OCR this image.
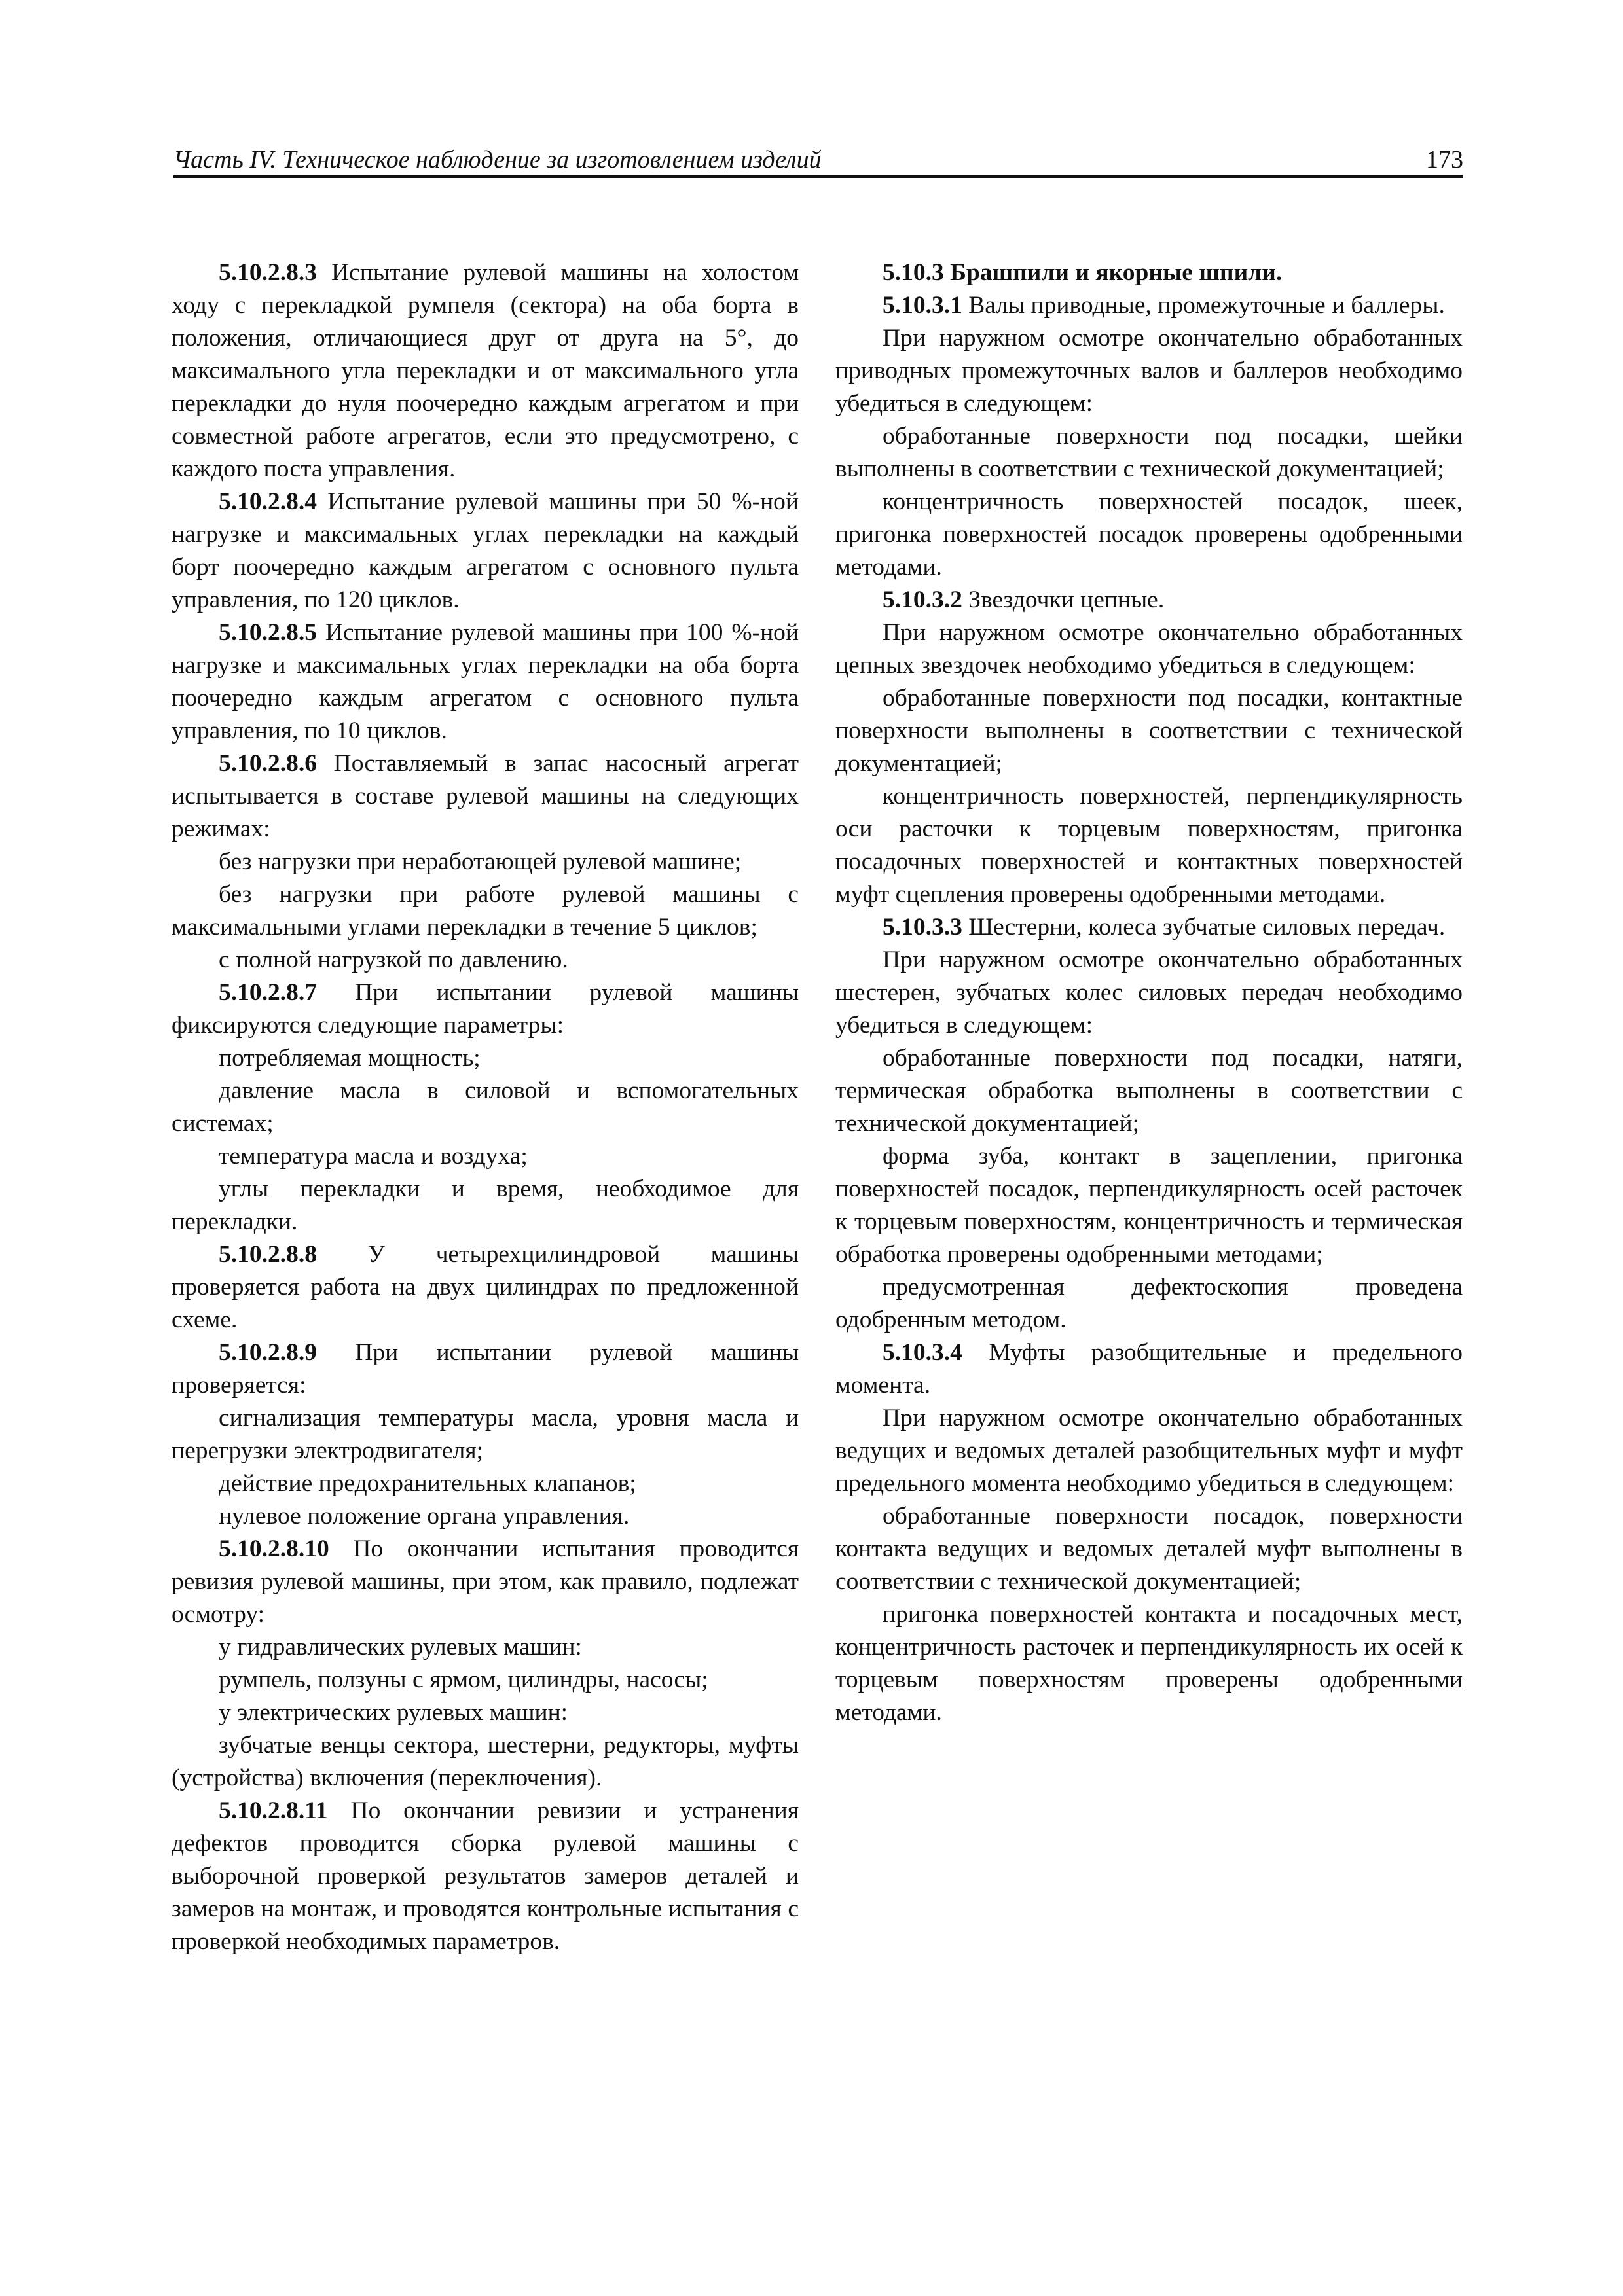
Часть IV. Техническое наблюдение за изготовлением изделий	173

5.10.2.8.3 Испытание рулевой машины на холостом ходу с перекладкой румпеля (сектора) на оба борта в положения, отличающиеся друг от друга на 5°, до максимального угла перекладки и от максимального угла перекладки до нуля поочередно каждым агрегатом и при совместной работе агрегатов, если это предусмотрено, с каждого поста управления.

5.10.2.8.4 Испытание рулевой машины при 50 %-ной нагрузке и максимальных углах перекладки на каждый борт поочередно каждым агрегатом с основного пульта управления, по 120 циклов.

5.10.2.8.5 Испытание рулевой машины при 100 %-ной нагрузке и максимальных углах перекладки на оба борта поочередно каждым агрегатом с основного пульта управления, по 10 циклов.

5.10.2.8.6 Поставляемый в запас насосный агрегат испытывается в составе рулевой машины на следующих режимах:

без нагрузки при неработающей рулевой машине;

без нагрузки при работе рулевой машины с максимальными углами перекладки в течение 5 циклов;

с полной нагрузкой по давлению.

5.10.2.8.7 При испытании рулевой машины фиксируются следующие параметры:

потребляемая мощность;

давление масла в силовой и вспомогательных системах;

температура масла и воздуха;

углы перекладки и время, необходимое для перекладки.

5.10.2.8.8 У четырехцилиндровой машины проверяется работа на двух цилиндрах по предложенной схеме.

5.10.2.8.9 При испытании рулевой машины проверяется:

сигнализация температуры масла, уровня масла и перегрузки электродвигателя;

действие предохранительных клапанов;

нулевое положение органа управления.

5.10.2.8.10 По окончании испытания проводится ревизия рулевой машины, при этом, как правило, подлежат осмотру:

у гидравлических рулевых машин:

румпель, ползуны с ярмом, цилиндры, насосы;

у электрических рулевых машин:

зубчатые венцы сектора, шестерни, редукторы, муфты (устройства) включения (переключения).

5.10.2.8.11 По окончании ревизии и устранения дефектов проводится сборка рулевой машины с выборочной проверкой результатов замеров деталей и замеров на монтаж, и проводятся контрольные испытания с проверкой необходимых параметров.

5.10.3 Брашпили и якорные шпили.

5.10.3.1 Валы приводные, промежуточные и баллеры.

При наружном осмотре окончательно обработанных приводных промежуточных валов и баллеров необходимо убедиться в следующем:

обработанные поверхности под посадки, шейки выполнены в соответствии с технической документацией;

концентричность поверхностей посадок, шеек, пригонка поверхностей посадок проверены одобренными методами.

5.10.3.2 Звездочки цепные.

При наружном осмотре окончательно обработанных цепных звездочек необходимо убедиться в следующем:

обработанные поверхности под посадки, контактные поверхности выполнены в соответствии с технической документацией;

концентричность поверхностей, перпендикулярность оси расточки к торцевым поверхностям, пригонка посадочных поверхностей и контактных поверхностей муфт сцепления проверены одобренными методами.

5.10.3.3 Шестерни, колеса зубчатые силовых передач.

При наружном осмотре окончательно обработанных шестерен, зубчатых колес силовых передач необходимо убедиться в следующем:

обработанные поверхности под посадки, натяги, термическая обработка выполнены в соответствии с технической документацией;

форма зуба, контакт в зацеплении, пригонка поверхностей посадок, перпендикулярность осей расточек к торцевым поверхностям, концентричность и термическая обработка проверены одобренными методами;

предусмотренная дефектоскопия проведена одобренным методом.

5.10.3.4 Муфты разобщительные и предельного момента.

При наружном осмотре окончательно обработанных ведущих и ведомых деталей разобщительных муфт и муфт предельного момента необходимо убедиться в следующем:

обработанные поверхности посадок, поверхности контакта ведущих и ведомых деталей муфт выполнены в соответствии с технической документацией;

пригонка поверхностей контакта и посадочных мест, концентричность расточек и перпендикулярность их осей к торцевым поверхностям проверены одобренными методами.
